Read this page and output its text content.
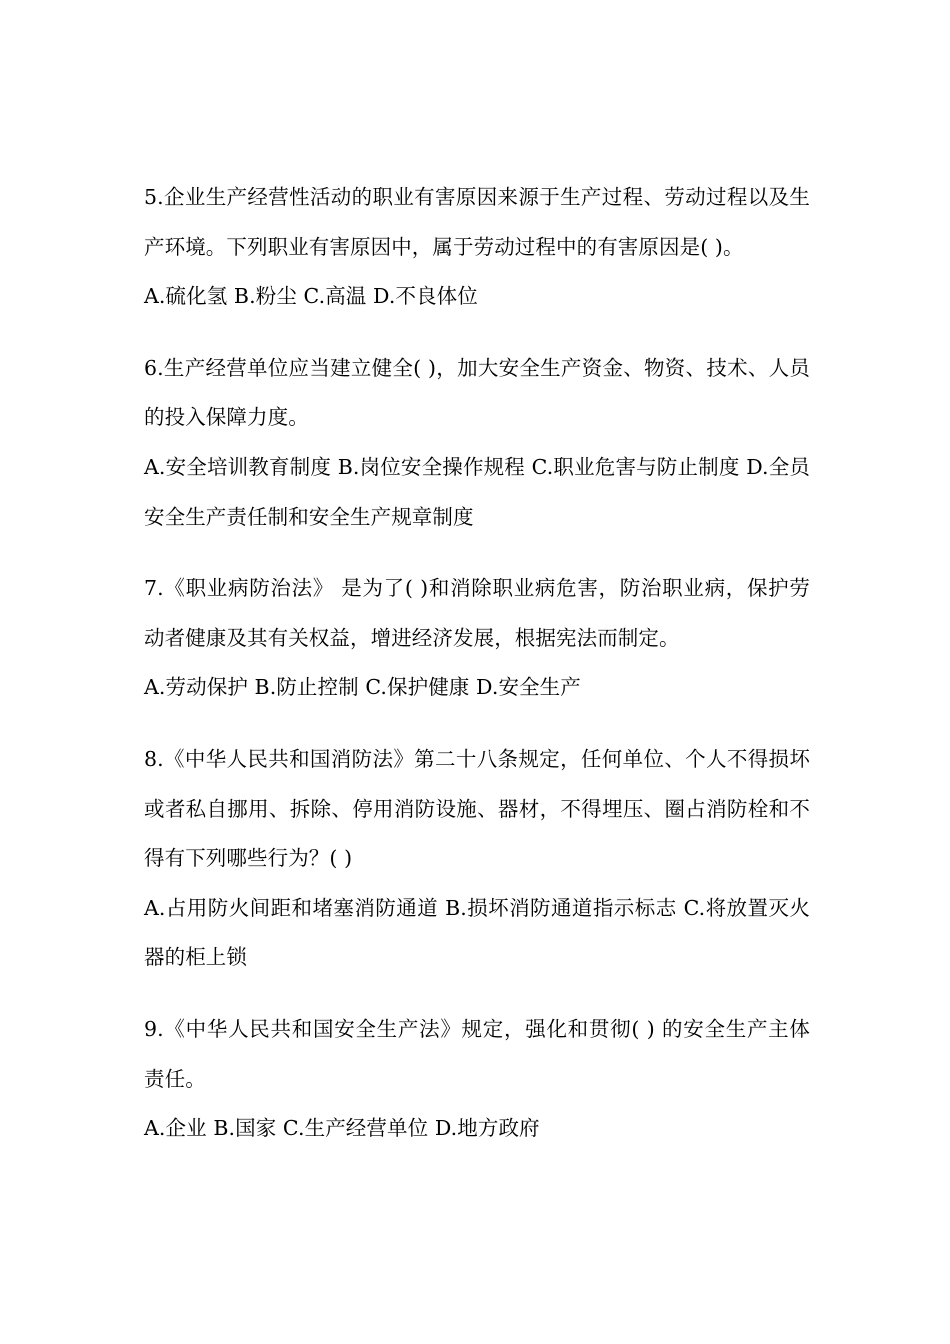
5.企业生产经营性活动的职业有害原因来源于生产过程、劳动过程以及生产环境。下列职业有害原因中，属于劳动过程中的有害原因是( )。
A.硫化氢 B.粉尘 C.高温 D.不良体位
6.生产经营单位应当建立健全( )，加大安全生产资金、物资、技术、人员的投入保障力度。
A.安全培训教育制度 B.岗位安全操作规程 C.职业危害与防止制度 D.全员安全生产责任制和安全生产规章制度
7.《职业病防治法》 是为了( )和消除职业病危害，防治职业病，保护劳动者健康及其有关权益，增进经济发展，根据宪法而制定。
A.劳动保护 B.防止控制 C.保护健康 D.安全生产
8.《中华人民共和国消防法》第二十八条规定，任何单位、个人不得损坏或者私自挪用、拆除、停用消防设施、器材，不得埋压、圈占消防栓和不得有下列哪些行为？( )
A.占用防火间距和堵塞消防通道 B.损坏消防通道指示标志 C.将放置灭火器的柜上锁
9.《中华人民共和国安全生产法》规定，强化和贯彻( ) 的安全生产主体责任。
A.企业 B.国家 C.生产经营单位 D.地方政府
